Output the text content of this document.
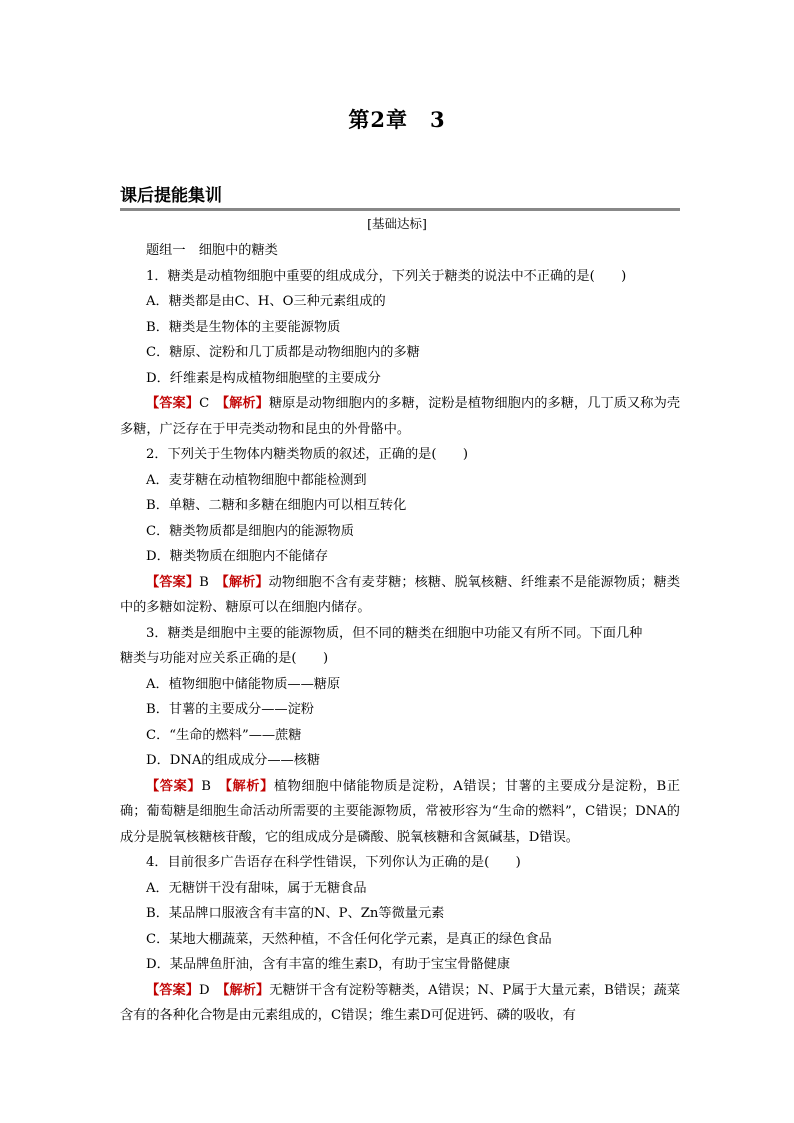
第2章　3
课后提能集训
[基础达标]
题组一　细胞中的糖类
1．糖类是动植物细胞中重要的组成成分，下列关于糖类的说法中不正确的是(　　)
A．糖类都是由C、H、O三种元素组成的
B．糖类是生物体的主要能源物质
C．糖原、淀粉和几丁质都是动物细胞内的多糖
D．纤维素是构成植物细胞壁的主要成分
【答案】C　 【解析】糖原是动物细胞内的多糖，淀粉是植物细胞内的多糖，几丁质又称为壳多糖，广泛存在于甲壳类动物和昆虫的外骨骼中。
2．下列关于生物体内糖类物质的叙述，正确的是(　　)
A．麦芽糖在动植物细胞中都能检测到
B．单糖、二糖和多糖在细胞内可以相互转化
C．糖类物质都是细胞内的能源物质
D．糖类物质在细胞内不能储存
【答案】B　 【解析】动物细胞不含有麦芽糖；核糖、脱氧核糖、纤维素不是能源物质；糖类中的多糖如淀粉、糖原可以在细胞内储存。
3．糖类是细胞中主要的能源物质，但不同的糖类在细胞中功能又有所不同。下面几种
糖类与功能对应关系正确的是(　　)
A．植物细胞中储能物质——糖原
B．甘薯的主要成分——淀粉
C．“生命的燃料”——蔗糖
D．DNA的组成成分——核糖
【答案】B　 【解析】植物细胞中储能物质是淀粉，A错误；甘薯的主要成分是淀粉，B正确；葡萄糖是细胞生命活动所需要的主要能源物质，常被形容为“生命的燃料”，C错误；DNA的成分是脱氧核糖核苷酸，它的组成成分是磷酸、脱氧核糖和含氮碱基，D错误。
4．目前很多广告语存在科学性错误，下列你认为正确的是(　　)
A．无糖饼干没有甜味，属于无糖食品
B．某品牌口服液含有丰富的N、P、Zn等微量元素
C．某地大棚蔬菜，天然种植，不含任何化学元素，是真正的绿色食品
D．某品牌鱼肝油，含有丰富的维生素D，有助于宝宝骨骼健康
【答案】D　 【解析】无糖饼干含有淀粉等糖类，A错误；N、P属于大量元素，B错误；蔬菜含有的各种化合物是由元素组成的，C错误；维生素D可促进钙、磷的吸收，有
